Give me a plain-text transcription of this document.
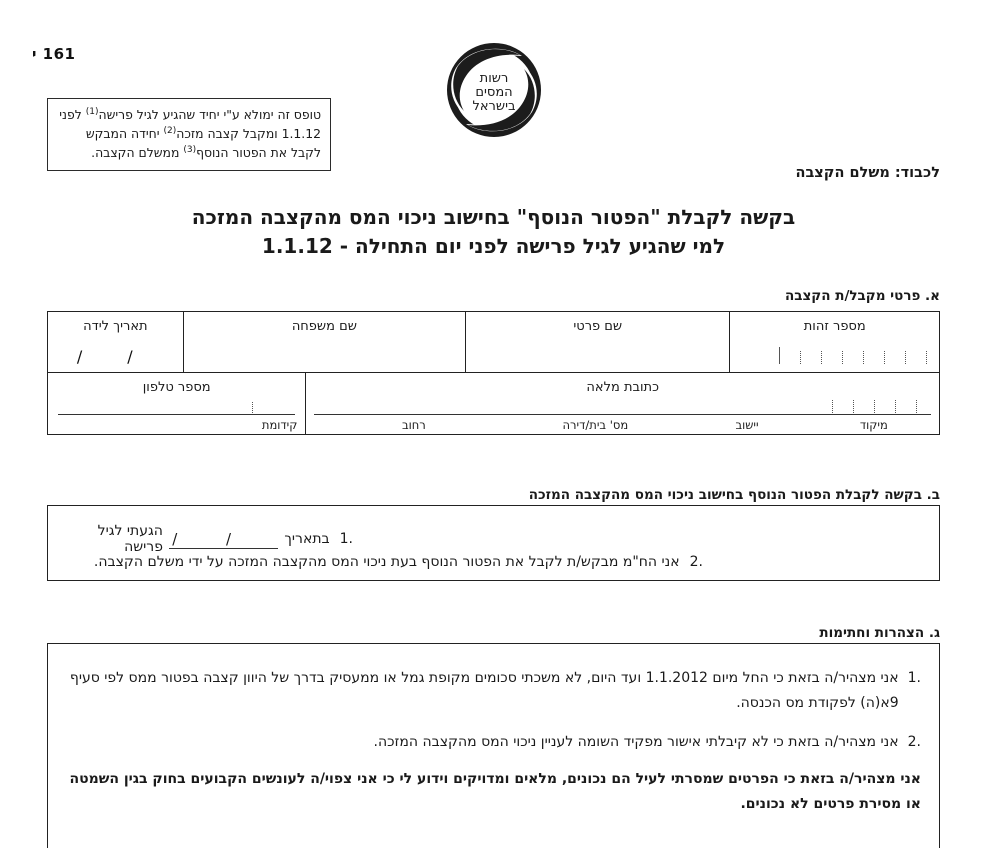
161 י
רשות
המסים
בישראל
טופס זה ימולא ע"י יחיד שהגיע לגיל פרישה$^{(1)}$ לפני 1.1.12 ומקבל קצבה מזכה$^{(2)}$ יחידה המבקש לקבל את הפטור הנוסף$^{(3)}$ ממשלם הקצבה.
לכבוד: משלם הקצבה
בקשה לקבלת "הפטור הנוסף" בחישוב ניכוי המס מהקצבה המזכה
למי שהגיע לגיל פרישה לפני יום התחילה - 1.1.12
א. פרטי מקבל/ת הקצבה
מספר זהות
שם פרטי
שם משפחה
תאריך לידה
/ /
כתובת מלאה
מיקוד
יישוב
מס' בית/דירה
רחוב
מספר טלפון
קידומת
ב. בקשה לקבלת הפטור הנוסף בחישוב ניכוי המס מהקצבה המזכה
.1
בתאריך
/ /
הגעתי לגיל פרישה
.2
אני הח"מ מבקש/ת לקבל את הפטור הנוסף בעת ניכוי המס מהקצבה המזכה על ידי משלם הקצבה.
ג. הצהרות וחתימות
.1
אני מצהיר/ה בזאת כי החל מיום 1.1.2012 ועד היום, לא משכתי סכומים מקופת גמל או ממעסיק בדרך של היוון קצבה בפטור ממס לפי סעיף 9א(ה) לפקודת מס הכנסה.
.2
אני מצהיר/ה בזאת כי לא קיבלתי אישור מפקיד השומה לעניין ניכוי המס מהקצבה המזכה.
אני מצהיר/ה בזאת כי הפרטים שמסרתי לעיל הם נכונים, מלאים ומדויקים וידוע לי כי אני צפוי/ה לעונשים הקבועים בחוק בגין השמטה או מסירת פרטים לא נכונים.
